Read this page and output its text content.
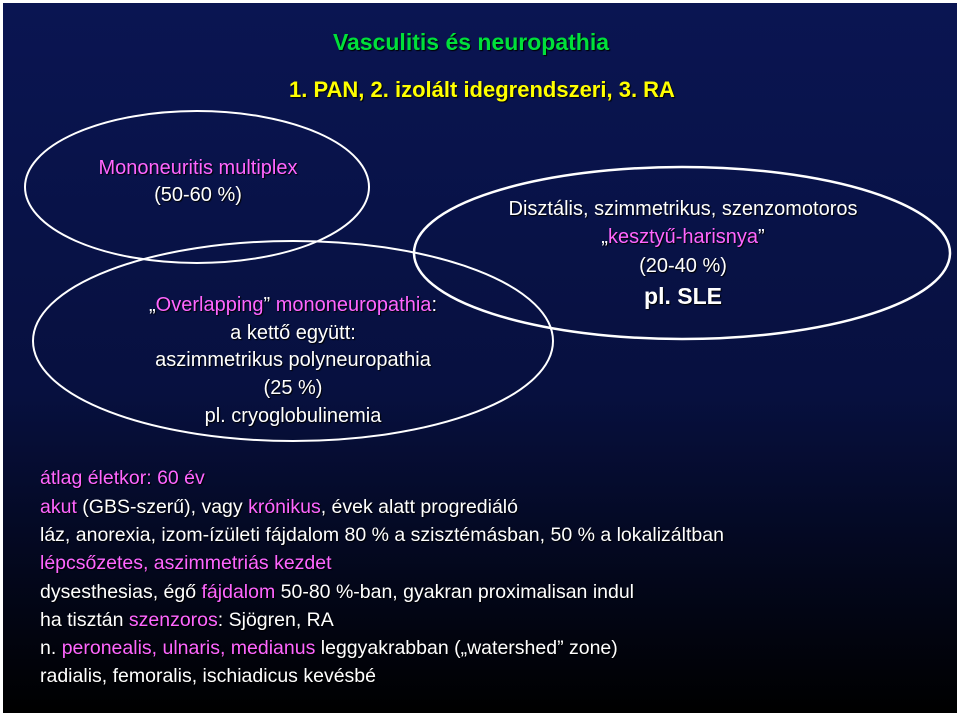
Vasculitis és neuropathia
1. PAN, 2. izolált idegrendszeri, 3. RA
Mononeuritis multiplex
(50-60 %)
„Overlapping” mononeuropathia:
a kettő együtt:
aszimmetrikus polyneuropathia
(25 %)
pl. cryoglobulinemia
Disztális, szimmetrikus, szenzomotoros
„kesztyű-harisnya”
(20-40 %)
pl. SLE
átlag életkor: 60 év
akut (GBS-szerű), vagy krónikus, évek alatt progrediáló
láz, anorexia, izom-ízületi fájdalom 80 % a szisztémásban, 50 % a lokalizáltban
lépcsőzetes, aszimmetriás kezdet
dysesthesias, égő fájdalom 50-80 %-ban, gyakran proximalisan indul
ha tisztán szenzoros: Sjögren, RA
n. peronealis, ulnaris, medianus leggyakrabban („watershed” zone)
radialis, femoralis, ischiadicus kevésbé
